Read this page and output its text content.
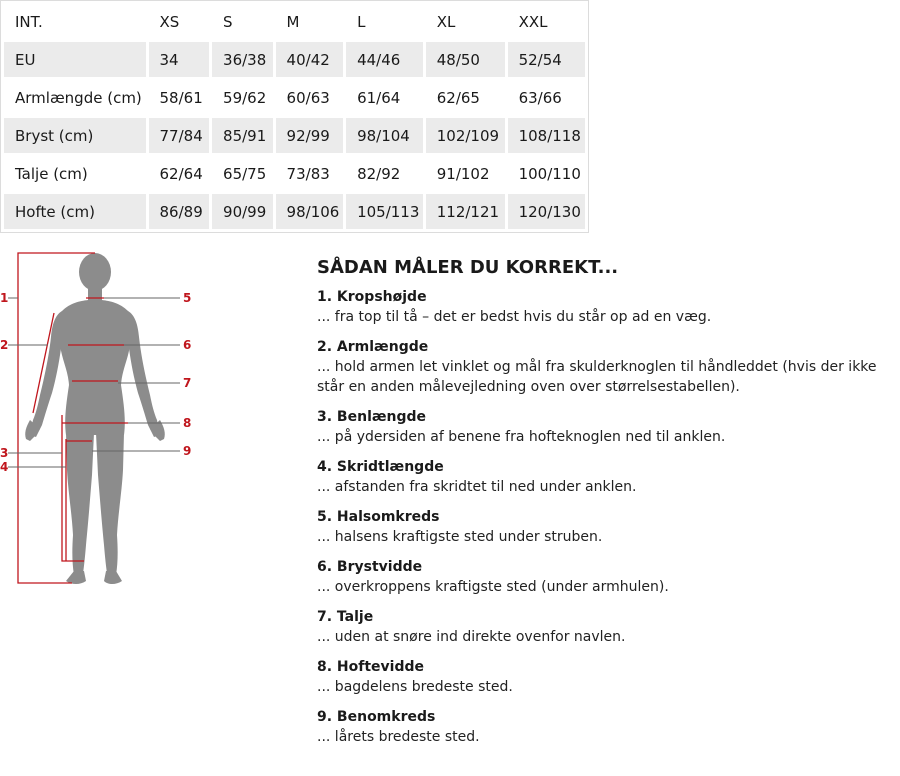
INT.	XS	S	M	L	XL	XXL
EU	34	36/38	40/42	44/46	48/50	52/54
Armlængde (cm)	58/61	59/62	60/63	61/64	62/65	63/66
Bryst (cm)	77/84	85/91	92/99	98/104	102/109	108/118
Talje (cm)	62/64	65/75	73/83	82/92	91/102	100/110
Hofte (cm)	86/89	90/99	98/106	105/113	112/121	120/130
1
2
3
4
5
6
7
8
9
SÅDAN MÅLER DU KORREKT...
1. Kropshøjde
... fra top til tå – det er bedst hvis du står op ad en væg.
2. Armlængde
... hold armen let vinklet og mål fra skulderknoglen til håndleddet (hvis der ikke står en anden målevejledning oven over størrelsestabellen).
3. Benlængde
... på ydersiden af benene fra hofteknoglen ned til anklen.
4. Skridtlængde
... afstanden fra skridtet til ned under anklen.
5. Halsomkreds
... halsens kraftigste sted under struben.
6. Brystvidde
... overkroppens kraftigste sted (under armhulen).
7. Talje
... uden at snøre ind direkte ovenfor navlen.
8. Hoftevidde
... bagdelens bredeste sted.
9. Benomkreds
... lårets bredeste sted.
